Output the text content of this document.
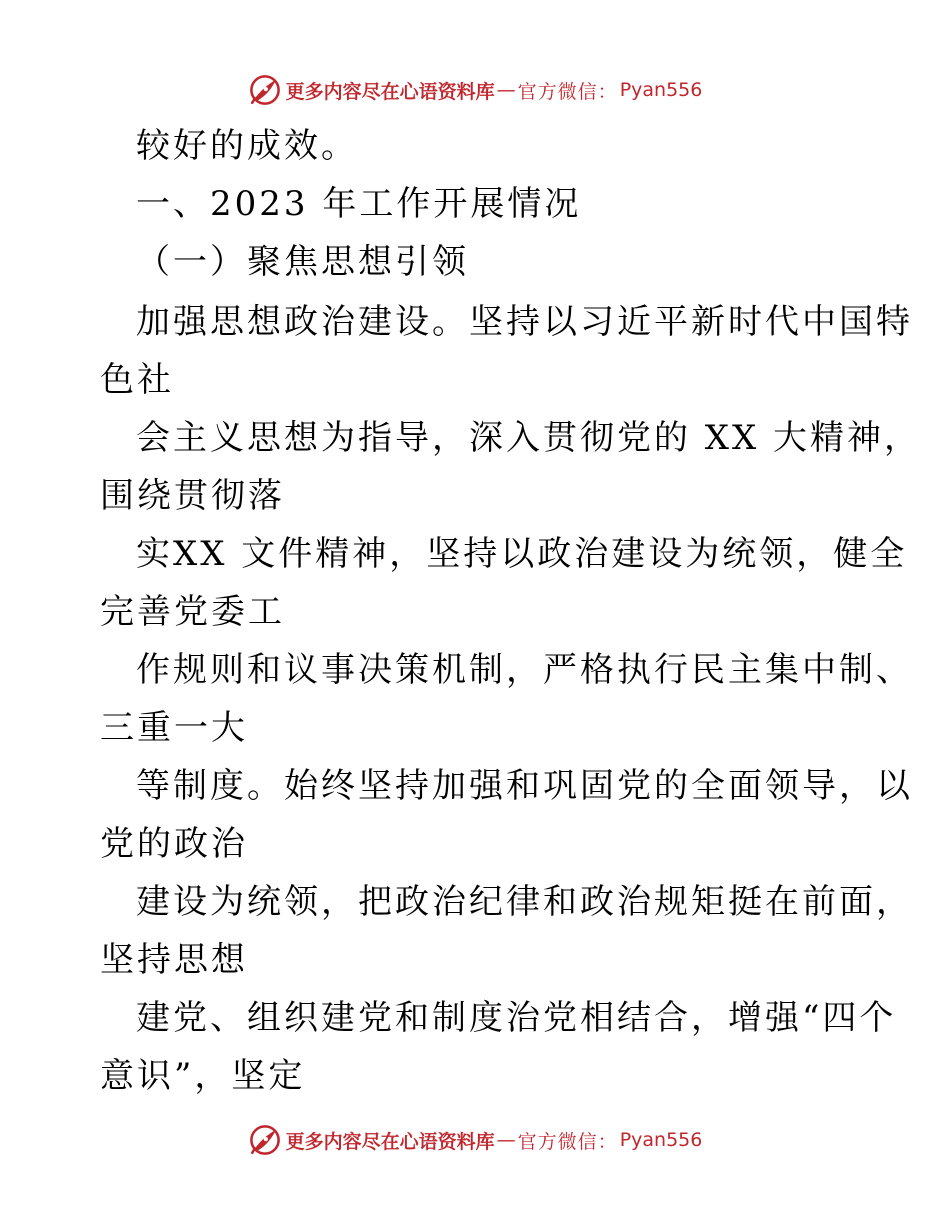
更多内容尽在心语资料库 — 官方微信： Pyan556
较好的成效。
一、2023 年工作开展情况
（一）聚焦思想引领
加强思想政治建设。坚持以习近平新时代中国特
色社
会主义思想为指导，深入贯彻党的 XX 大精神，
围绕贯彻落
实XX 文件精神，坚持以政治建设为统领，健全
完善党委工
作规则和议事决策机制，严格执行民主集中制、
三重一大
等制度。始终坚持加强和巩固党的全面领导，以
党的政治
建设为统领，把政治纪律和政治规矩挺在前面，
坚持思想
建党、组织建党和制度治党相结合，增强“四个
意识”，坚定
更多内容尽在心语资料库 — 官方微信： Pyan556
